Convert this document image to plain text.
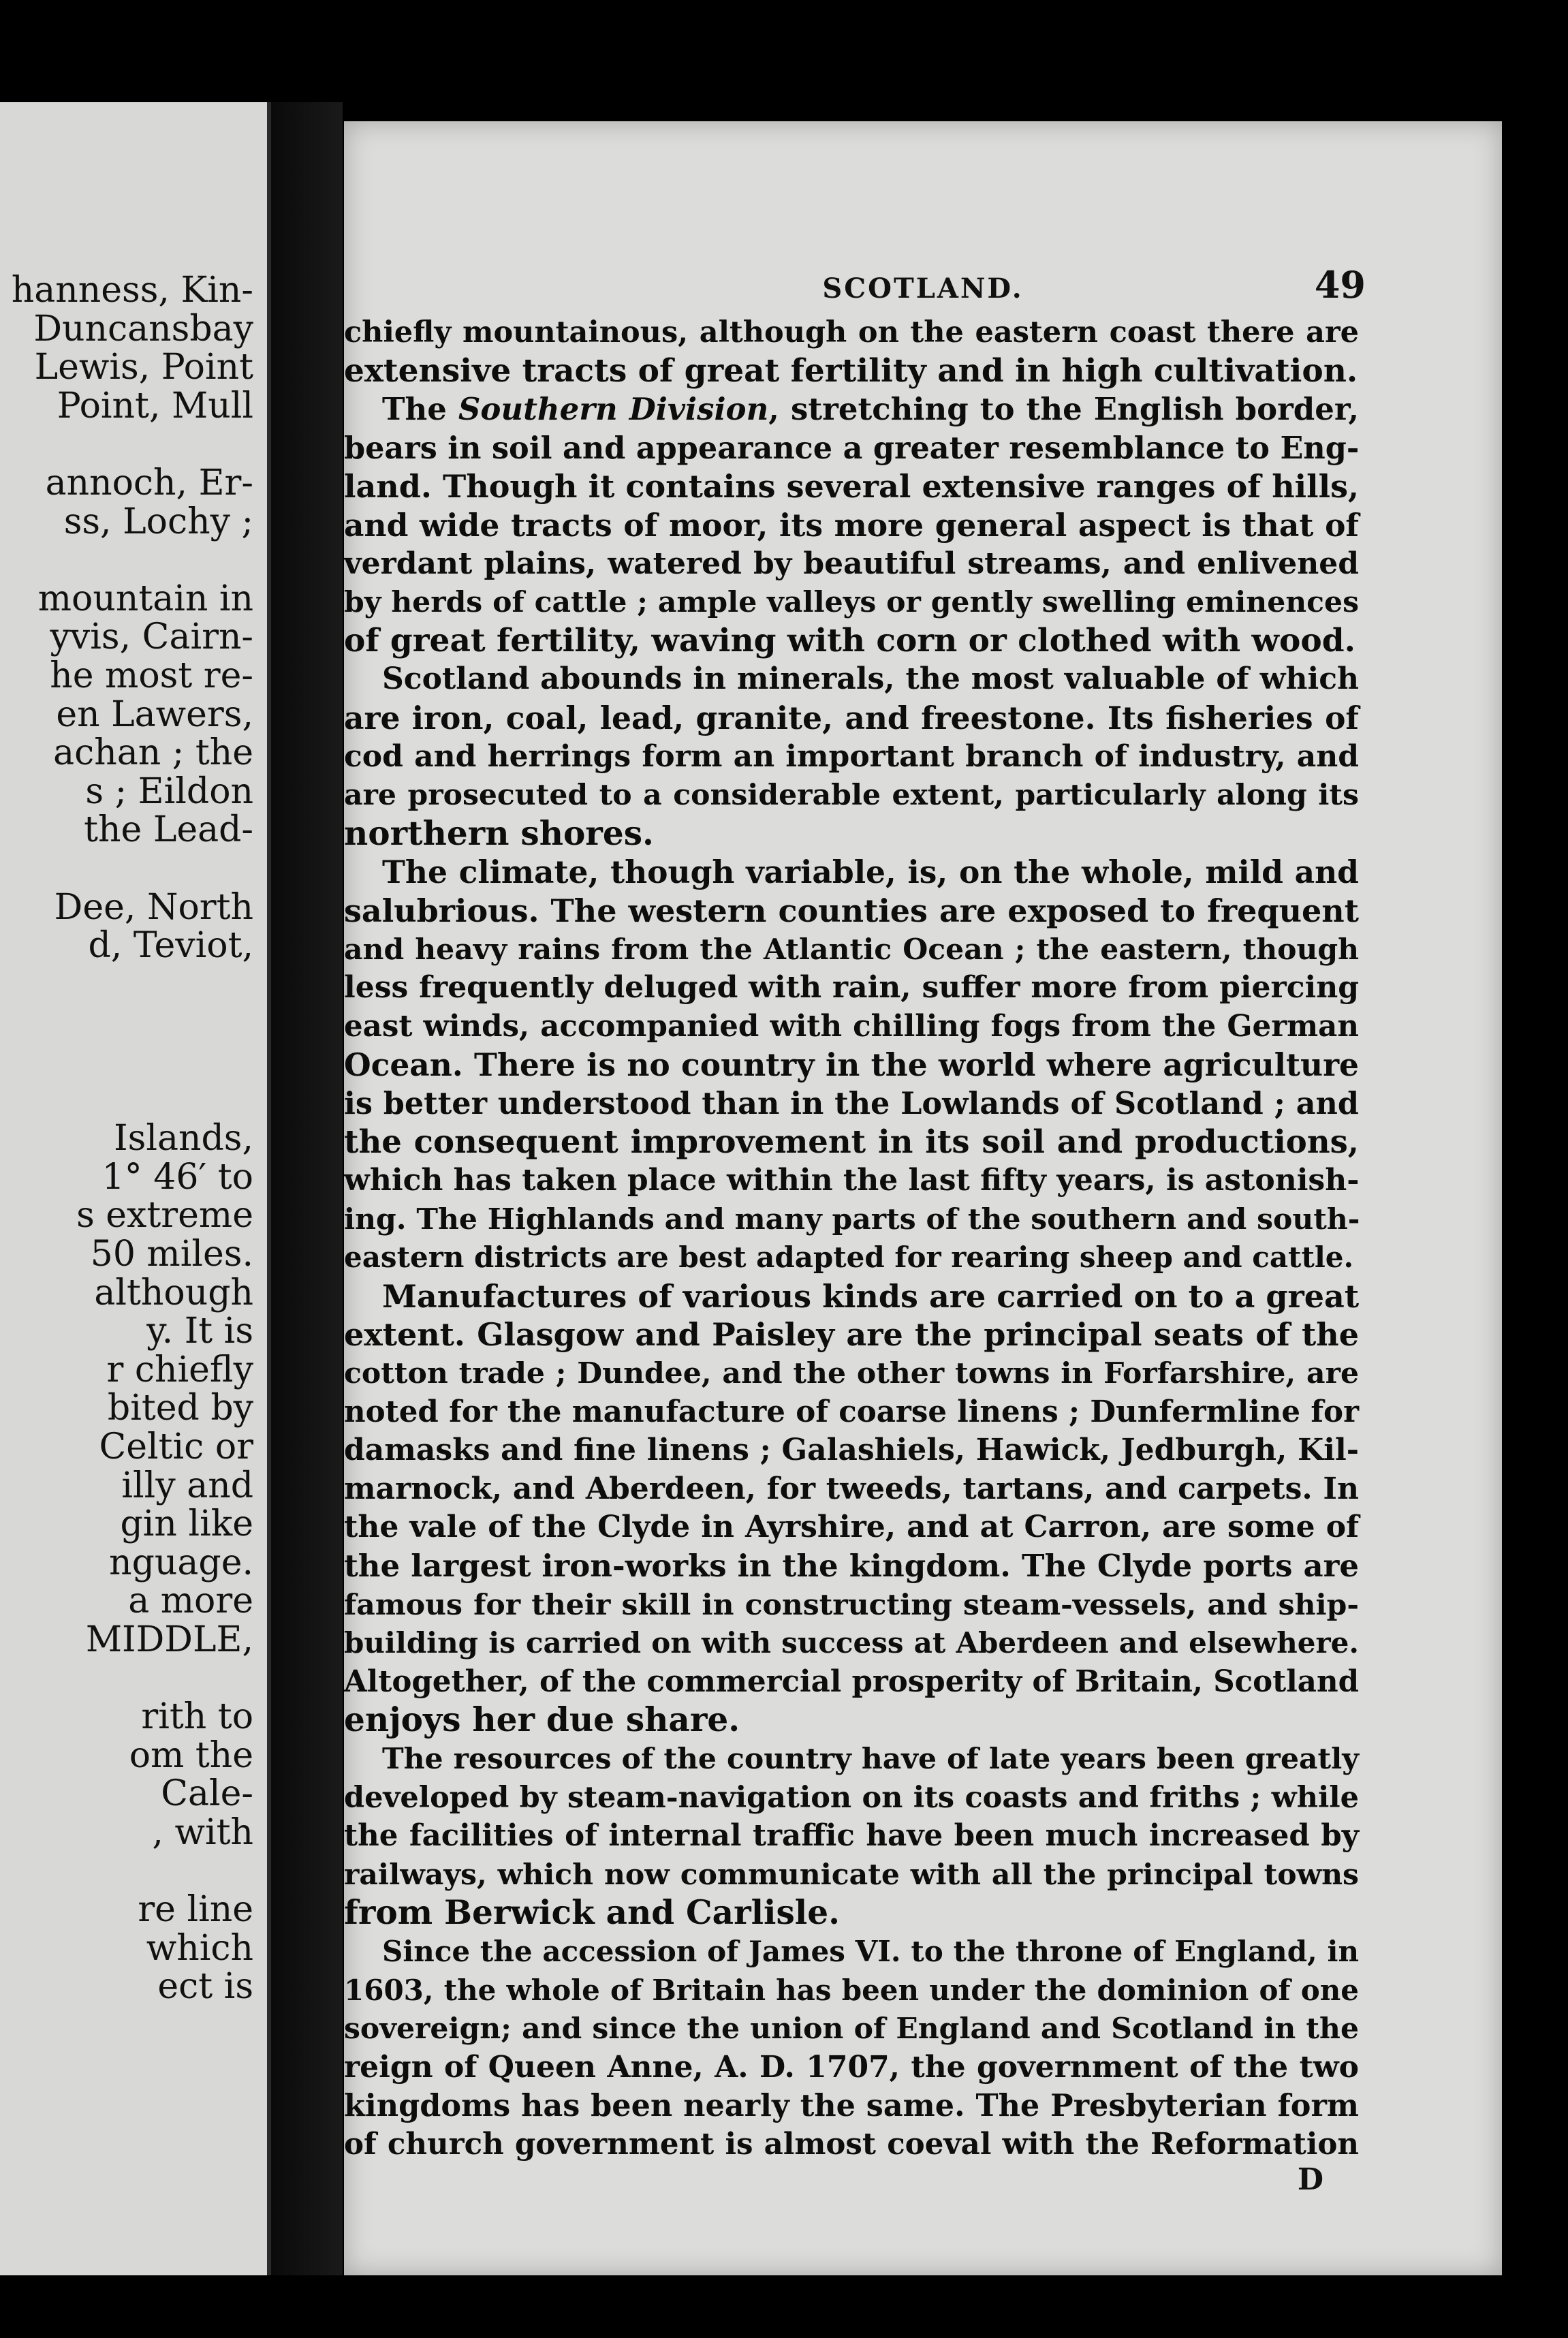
hanness, Kin-
Duncansbay
Lewis, Point
Point, Mull
annoch, Er-
ss, Lochy ;
mountain in
yvis, Cairn-
he most re-
en Lawers,
achan ; the
s ; Eildon
the Lead-
Dee, North
d, Teviot,
Islands,
1° 46′ to
s extreme
50 miles.
although
y. It is
r chiefly
bited by
Celtic or
illy and
gin like
nguage.
a more
MIDDLE,
rith to
om the
Cale-
, with
re line
which
ect is
SCOTLAND.	49
chiefly mountainous, although on the eastern coast there are
extensive tracts of great fertility and in high cultivation.
The Southern Division, stretching to the English border,
bears in soil and appearance a greater resemblance to Eng-
land. Though it contains several extensive ranges of hills,
and wide tracts of moor, its more general aspect is that of
verdant plains, watered by beautiful streams, and enlivened
by herds of cattle ; ample valleys or gently swelling eminences
of great fertility, waving with corn or clothed with wood.
Scotland abounds in minerals, the most valuable of which
are iron, coal, lead, granite, and freestone. Its fisheries of
cod and herrings form an important branch of industry, and
are prosecuted to a considerable extent, particularly along its
northern shores.
The climate, though variable, is, on the whole, mild and
salubrious. The western counties are exposed to frequent
and heavy rains from the Atlantic Ocean ; the eastern, though
less frequently deluged with rain, suffer more from piercing
east winds, accompanied with chilling fogs from the German
Ocean. There is no country in the world where agriculture
is better understood than in the Lowlands of Scotland ; and
the consequent improvement in its soil and productions,
which has taken place within the last fifty years, is astonish-
ing. The Highlands and many parts of the southern and south-
eastern districts are best adapted for rearing sheep and cattle.
Manufactures of various kinds are carried on to a great
extent. Glasgow and Paisley are the principal seats of the
cotton trade ; Dundee, and the other towns in Forfarshire, are
noted for the manufacture of coarse linens ; Dunfermline for
damasks and fine linens ; Galashiels, Hawick, Jedburgh, Kil-
marnock, and Aberdeen, for tweeds, tartans, and carpets. In
the vale of the Clyde in Ayrshire, and at Carron, are some of
the largest iron-works in the kingdom. The Clyde ports are
famous for their skill in constructing steam-vessels, and ship-
building is carried on with success at Aberdeen and elsewhere.
Altogether, of the commercial prosperity of Britain, Scotland
enjoys her due share.
The resources of the country have of late years been greatly
developed by steam-navigation on its coasts and friths ; while
the facilities of internal traffic have been much increased by
railways, which now communicate with all the principal towns
from Berwick and Carlisle.
Since the accession of James VI. to the throne of England, in
1603, the whole of Britain has been under the dominion of one
sovereign; and since the union of England and Scotland in the
reign of Queen Anne, A. D. 1707, the government of the two
kingdoms has been nearly the same. The Presbyterian form
of church government is almost coeval with the Reformation
D
